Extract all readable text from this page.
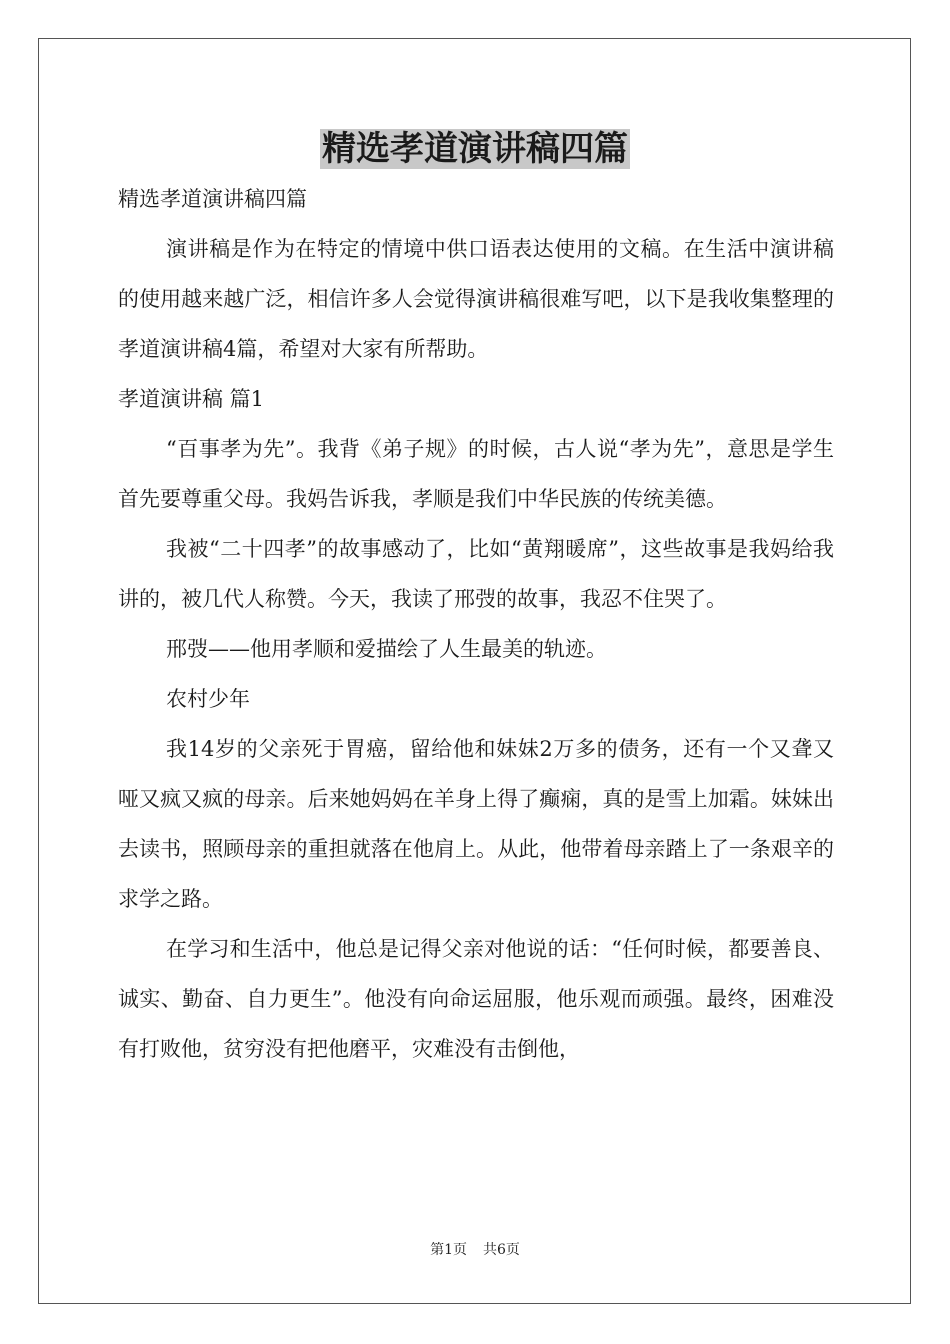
精选孝道演讲稿四篇

精选孝道演讲稿四篇

演讲稿是作为在特定的情境中供口语表达使用的文稿。在生活中演讲稿的使用越来越广泛，相信许多人会觉得演讲稿很难写吧，以下是我收集整理的孝道演讲稿4篇，希望对大家有所帮助。

孝道演讲稿 篇1

“百事孝为先”。我背《弟子规》的时候，古人说“孝为先”，意思是学生首先要尊重父母。我妈告诉我，孝顺是我们中华民族的传统美德。

我被“二十四孝”的故事感动了，比如“黄翔暖席”，这些故事是我妈给我讲的，被几代人称赞。今天，我读了邢弢的故事，我忍不住哭了。

邢弢——他用孝顺和爱描绘了人生最美的轨迹。

农村少年

我14岁的父亲死于胃癌，留给他和妹妹2万多的债务，还有一个又聋又哑又疯又疯的母亲。后来她妈妈在羊身上得了癫痫，真的是雪上加霜。妹妹出去读书，照顾母亲的重担就落在他肩上。从此，他带着母亲踏上了一条艰辛的求学之路。

在学习和生活中，他总是记得父亲对他说的话：“任何时候，都要善良、诚实、勤奋、自力更生”。他没有向命运屈服，他乐观而顽强。最终，困难没有打败他，贫穷没有把他磨平，灾难没有击倒他，

第1页 共6页
